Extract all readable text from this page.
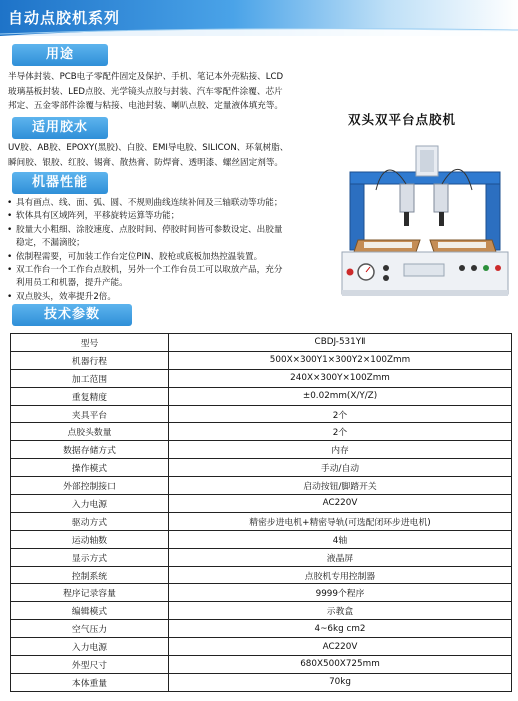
自动点胶机系列
用途
半导体封装、PCB电子零配件固定及保护、手机、笔记本外壳粘接、LCD
玻璃基板封装、LED点胶、光学镜头点胶与封装、汽车零配件涂覆、芯片
邦定、五金零部件涂覆与粘接、电池封装、喇叭点胶、定量液体填充等。
适用胶水
UV胶、AB胶、EPOXY(黑胶)、白胶、EMI导电胶、SILICON、环氧树脂、
瞬间胶、银胶、红胶、锡膏、散热膏、防焊膏、透明漆、螺丝固定剂等。
机器性能
• 具有画点、线、面、弧、圆、不规则曲线连续补间及三轴联动等功能；
• 软体具有区域阵列，平移旋转运算等功能；
• 胶量大小粗细、涂胶速度、点胶时间、停胶时间皆可参数设定、出胶量
稳定，不漏滴胶；
• 依制程需要，可加装工作台定位PIN、胶枪或底板加热控温装置。
• 双工作台一个工作台点胶机，另外一个工作台员工可以取放产品，充分
利用员工和机器，提升产能。
• 双点胶头，效率提升2倍。
双头双平台点胶机
技术参数
型号	CBDJ-531YⅡ
机器行程	500X×300Y1×300Y2×100Zmm
加工范围	240X×300Y×100Zmm
重复精度	±0.02mm(X/Y/Z)
夹具平台	2个
点胶头数量	2个
数据存储方式	内存
操作模式	手动/自动
外部控制接口	启动按钮/脚踏开关
入力电源	AC220V
驱动方式	精密步进电机+精密导轨(可选配闭环步进电机)
运动轴数	4轴
显示方式	液晶屏
控制系统	点胶机专用控制器
程序记录容量	9999个程序
编辑模式	示教盒
空气压力	4~6kg cm2
入力电源	AC220V
外型尺寸	680X500X725mm
本体重量	70kg
